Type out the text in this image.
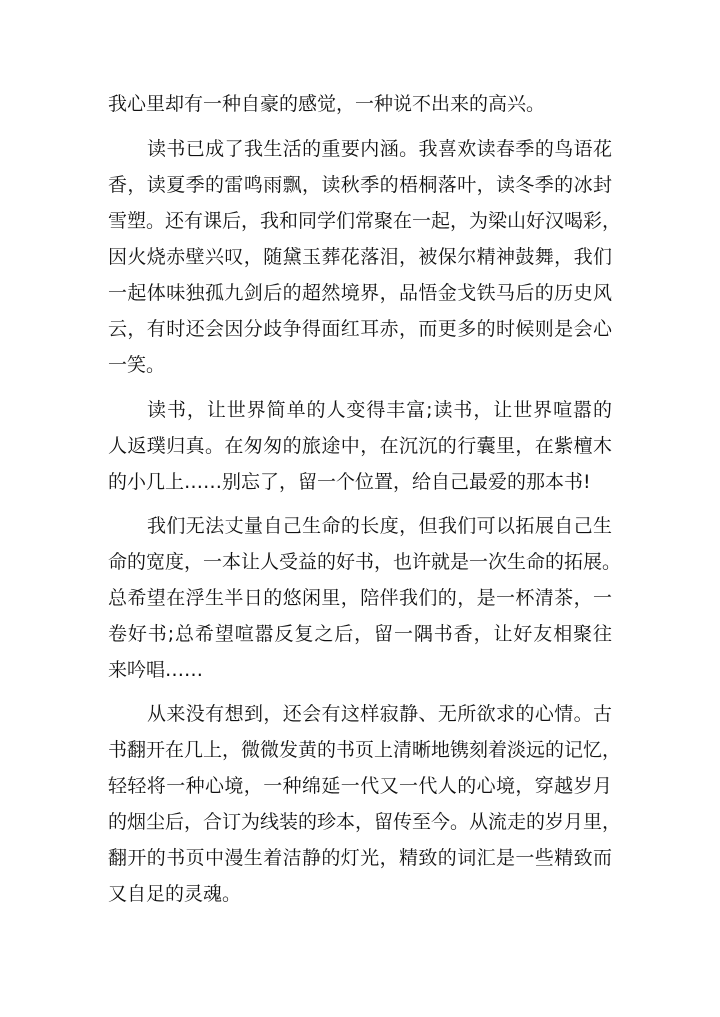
我心里却有一种自豪的感觉，一种说不出来的高兴。
读书已成了我生活的重要内涵。我喜欢读春季的鸟语花
香，读夏季的雷鸣雨飘，读秋季的梧桐落叶，读冬季的冰封
雪塑。还有课后，我和同学们常聚在一起，为梁山好汉喝彩，
因火烧赤壁兴叹，随黛玉葬花落泪，被保尔精神鼓舞，我们
一起体味独孤九剑后的超然境界，品悟金戈铁马后的历史风
云，有时还会因分歧争得面红耳赤，而更多的时候则是会心
一笑。
读书，让世界简单的人变得丰富;读书，让世界喧嚣的
人返璞归真。在匆匆的旅途中，在沉沉的行囊里，在紫檀木
的小几上……别忘了，留一个位置，给自己最爱的那本书!
我们无法丈量自己生命的长度，但我们可以拓展自己生
命的宽度，一本让人受益的好书，也许就是一次生命的拓展。
总希望在浮生半日的悠闲里，陪伴我们的，是一杯清茶，一
卷好书;总希望喧嚣反复之后，留一隅书香，让好友相聚往
来吟唱……
从来没有想到，还会有这样寂静、无所欲求的心情。古
书翻开在几上，微微发黄的书页上清晰地镌刻着淡远的记忆，
轻轻将一种心境，一种绵延一代又一代人的心境，穿越岁月
的烟尘后，合订为线装的珍本，留传至今。从流走的岁月里，
翻开的书页中漫生着洁静的灯光，精致的词汇是一些精致而
又自足的灵魂。
